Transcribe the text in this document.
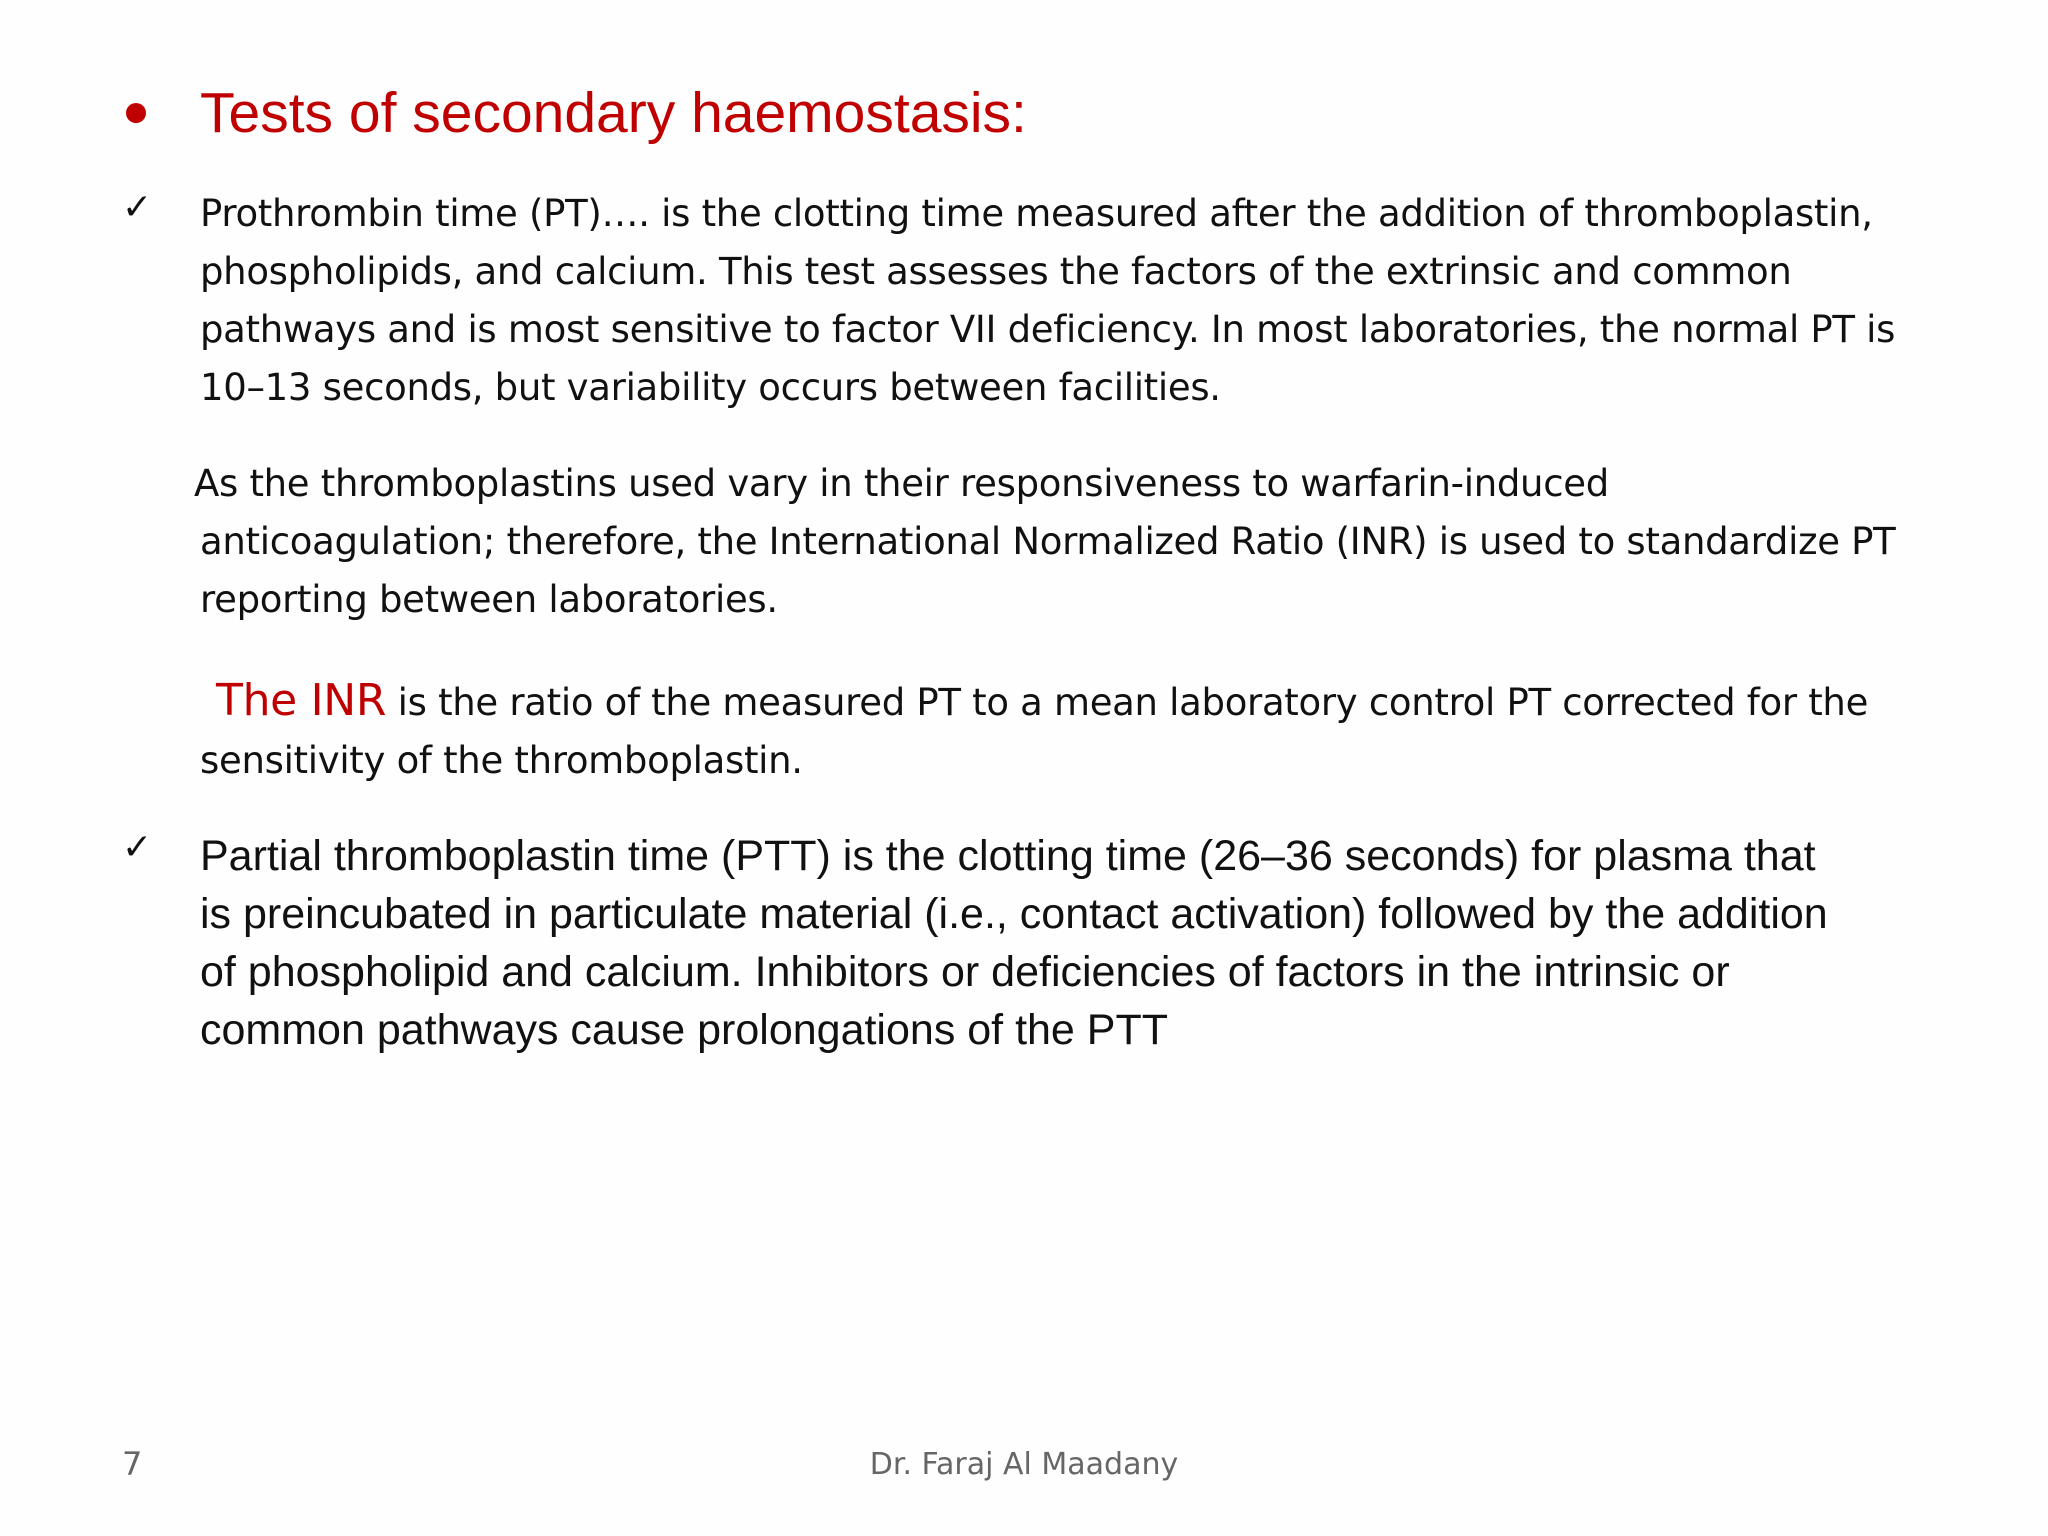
Tests of secondary haemostasis:
✓ Prothrombin time (PT)…. is the clotting time measured after the addition of thromboplastin,
phospholipids, and calcium. This test assesses the factors of the extrinsic and common
pathways and is most sensitive to factor VII deficiency. In most laboratories, the normal PT is
10–13 seconds, but variability occurs between facilities.
As the thromboplastins used vary in their responsiveness to warfarin-induced
anticoagulation; therefore, the International Normalized Ratio (INR) is used to standardize PT
reporting between laboratories.
The INR is the ratio of the measured PT to a mean laboratory control PT corrected for the
sensitivity of the thromboplastin.
✓ Partial thromboplastin time (PTT) is the clotting time (26–36 seconds) for plasma that
is preincubated in particulate material (i.e., contact activation) followed by the addition
of phospholipid and calcium. Inhibitors or deficiencies of factors in the intrinsic or
common pathways cause prolongations of the PTT
7	Dr. Faraj Al Maadany
